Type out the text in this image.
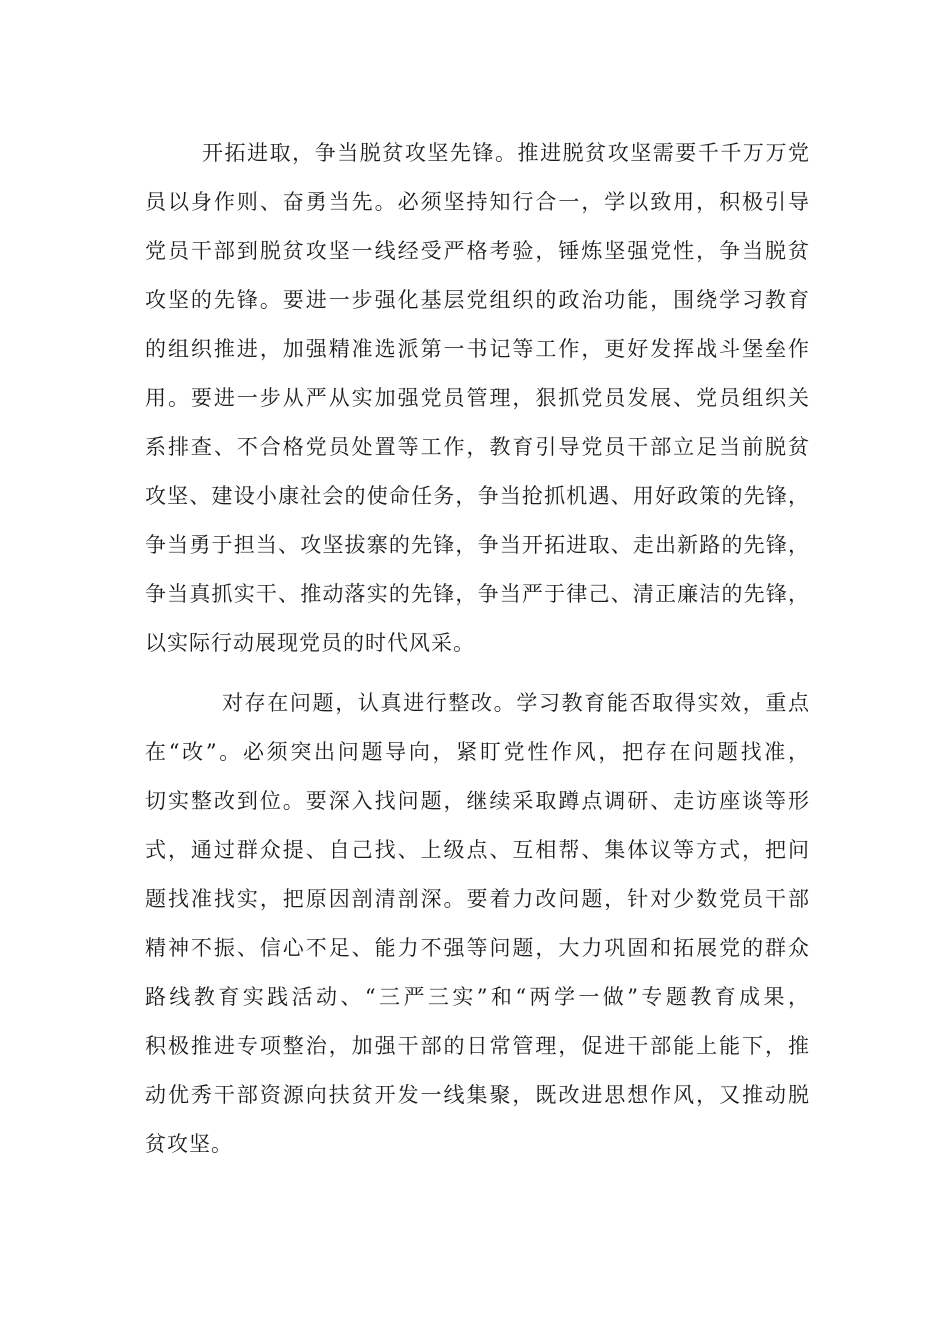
开拓进取，争当脱贫攻坚先锋。推进脱贫攻坚需要千千万万党
员以身作则、奋勇当先。必须坚持知行合一，学以致用，积极引导
党员干部到脱贫攻坚一线经受严格考验，锤炼坚强党性，争当脱贫
攻坚的先锋。要进一步强化基层党组织的政治功能，围绕学习教育
的组织推进，加强精准选派第一书记等工作，更好发挥战斗堡垒作
用。要进一步从严从实加强党员管理，狠抓党员发展、党员组织关
系排查、不合格党员处置等工作，教育引导党员干部立足当前脱贫
攻坚、建设小康社会的使命任务，争当抢抓机遇、用好政策的先锋，
争当勇于担当、攻坚拔寨的先锋，争当开拓进取、走出新路的先锋，
争当真抓实干、推动落实的先锋，争当严于律己、清正廉洁的先锋，
以实际行动展现党员的时代风采。
对存在问题，认真进行整改。学习教育能否取得实效，重点
在“改”。必须突出问题导向，紧盯党性作风，把存在问题找准，
切实整改到位。要深入找问题，继续采取蹲点调研、走访座谈等形
式，通过群众提、自己找、上级点、互相帮、集体议等方式，把问
题找准找实，把原因剖清剖深。要着力改问题，针对少数党员干部
精神不振、信心不足、能力不强等问题，大力巩固和拓展党的群众
路线教育实践活动、“三严三实”和“两学一做”专题教育成果，
积极推进专项整治，加强干部的日常管理，促进干部能上能下，推
动优秀干部资源向扶贫开发一线集聚，既改进思想作风，又推动脱
贫攻坚。
